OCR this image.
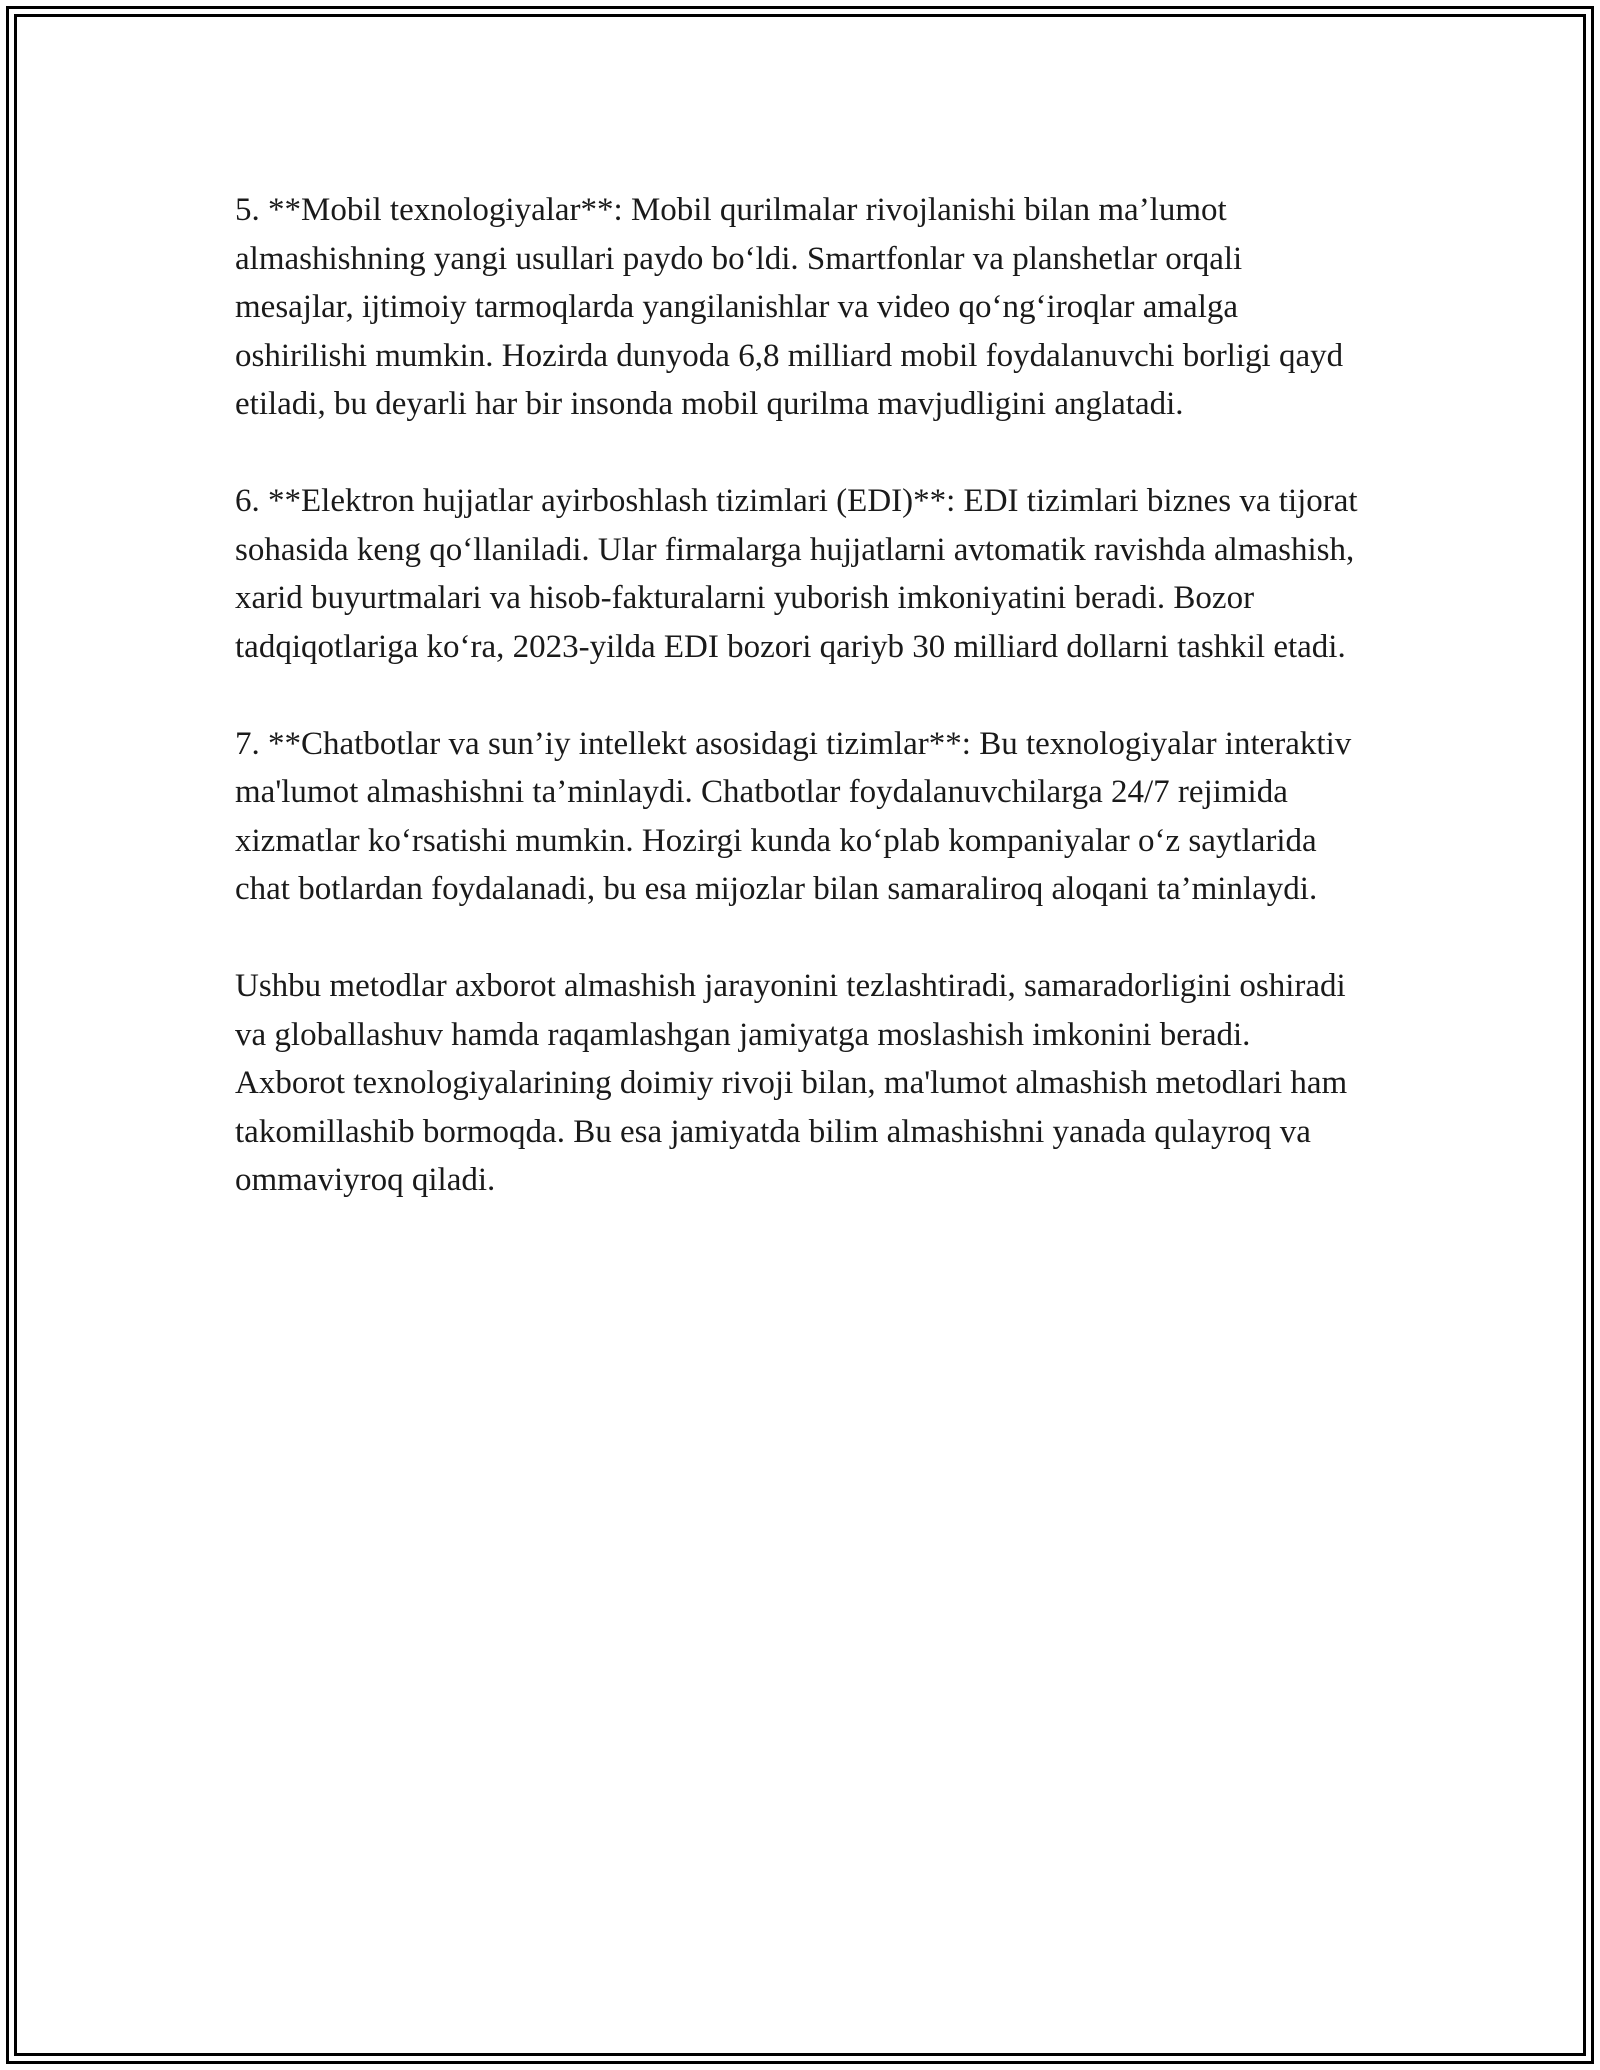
5. **Mobil texnologiyalar**: Mobil qurilmalar rivojlanishi bilan ma’lumot almashishning yangi usullari paydo bo‘ldi. Smartfonlar va planshetlar orqali mesajlar, ijtimoiy tarmoqlarda yangilanishlar va video qo‘ng‘iroqlar amalga oshirilishi mumkin. Hozirda dunyoda 6,8 milliard mobil foydalanuvchi borligi qayd etiladi, bu deyarli har bir insonda mobil qurilma mavjudligini anglatadi.

6. **Elektron hujjatlar ayirboshlash tizimlari (EDI)**: EDI tizimlari biznes va tijorat sohasida keng qo‘llaniladi. Ular firmalarga hujjatlarni avtomatik ravishda almashish, xarid buyurtmalari va hisob-fakturalarni yuborish imkoniyatini beradi. Bozor tadqiqotlariga ko‘ra, 2023-yilda EDI bozori qariyb 30 milliard dollarni tashkil etadi.

7. **Chatbotlar va sun’iy intellekt asosidagi tizimlar**: Bu texnologiyalar interaktiv ma'lumot almashishni ta’minlaydi. Chatbotlar foydalanuvchilarga 24/7 rejimida xizmatlar ko‘rsatishi mumkin. Hozirgi kunda ko‘plab kompaniyalar o‘z saytlarida chat botlardan foydalanadi, bu esa mijozlar bilan samaraliroq aloqani ta’minlaydi.

Ushbu metodlar axborot almashish jarayonini tezlashtiradi, samaradorligini oshiradi va globallashuv hamda raqamlashgan jamiyatga moslashish imkonini beradi. Axborot texnologiyalarining doimiy rivoji bilan, ma'lumot almashish metodlari ham takomillashib bormoqda. Bu esa jamiyatda bilim almashishni yanada qulayroq va ommaviyroq qiladi.
